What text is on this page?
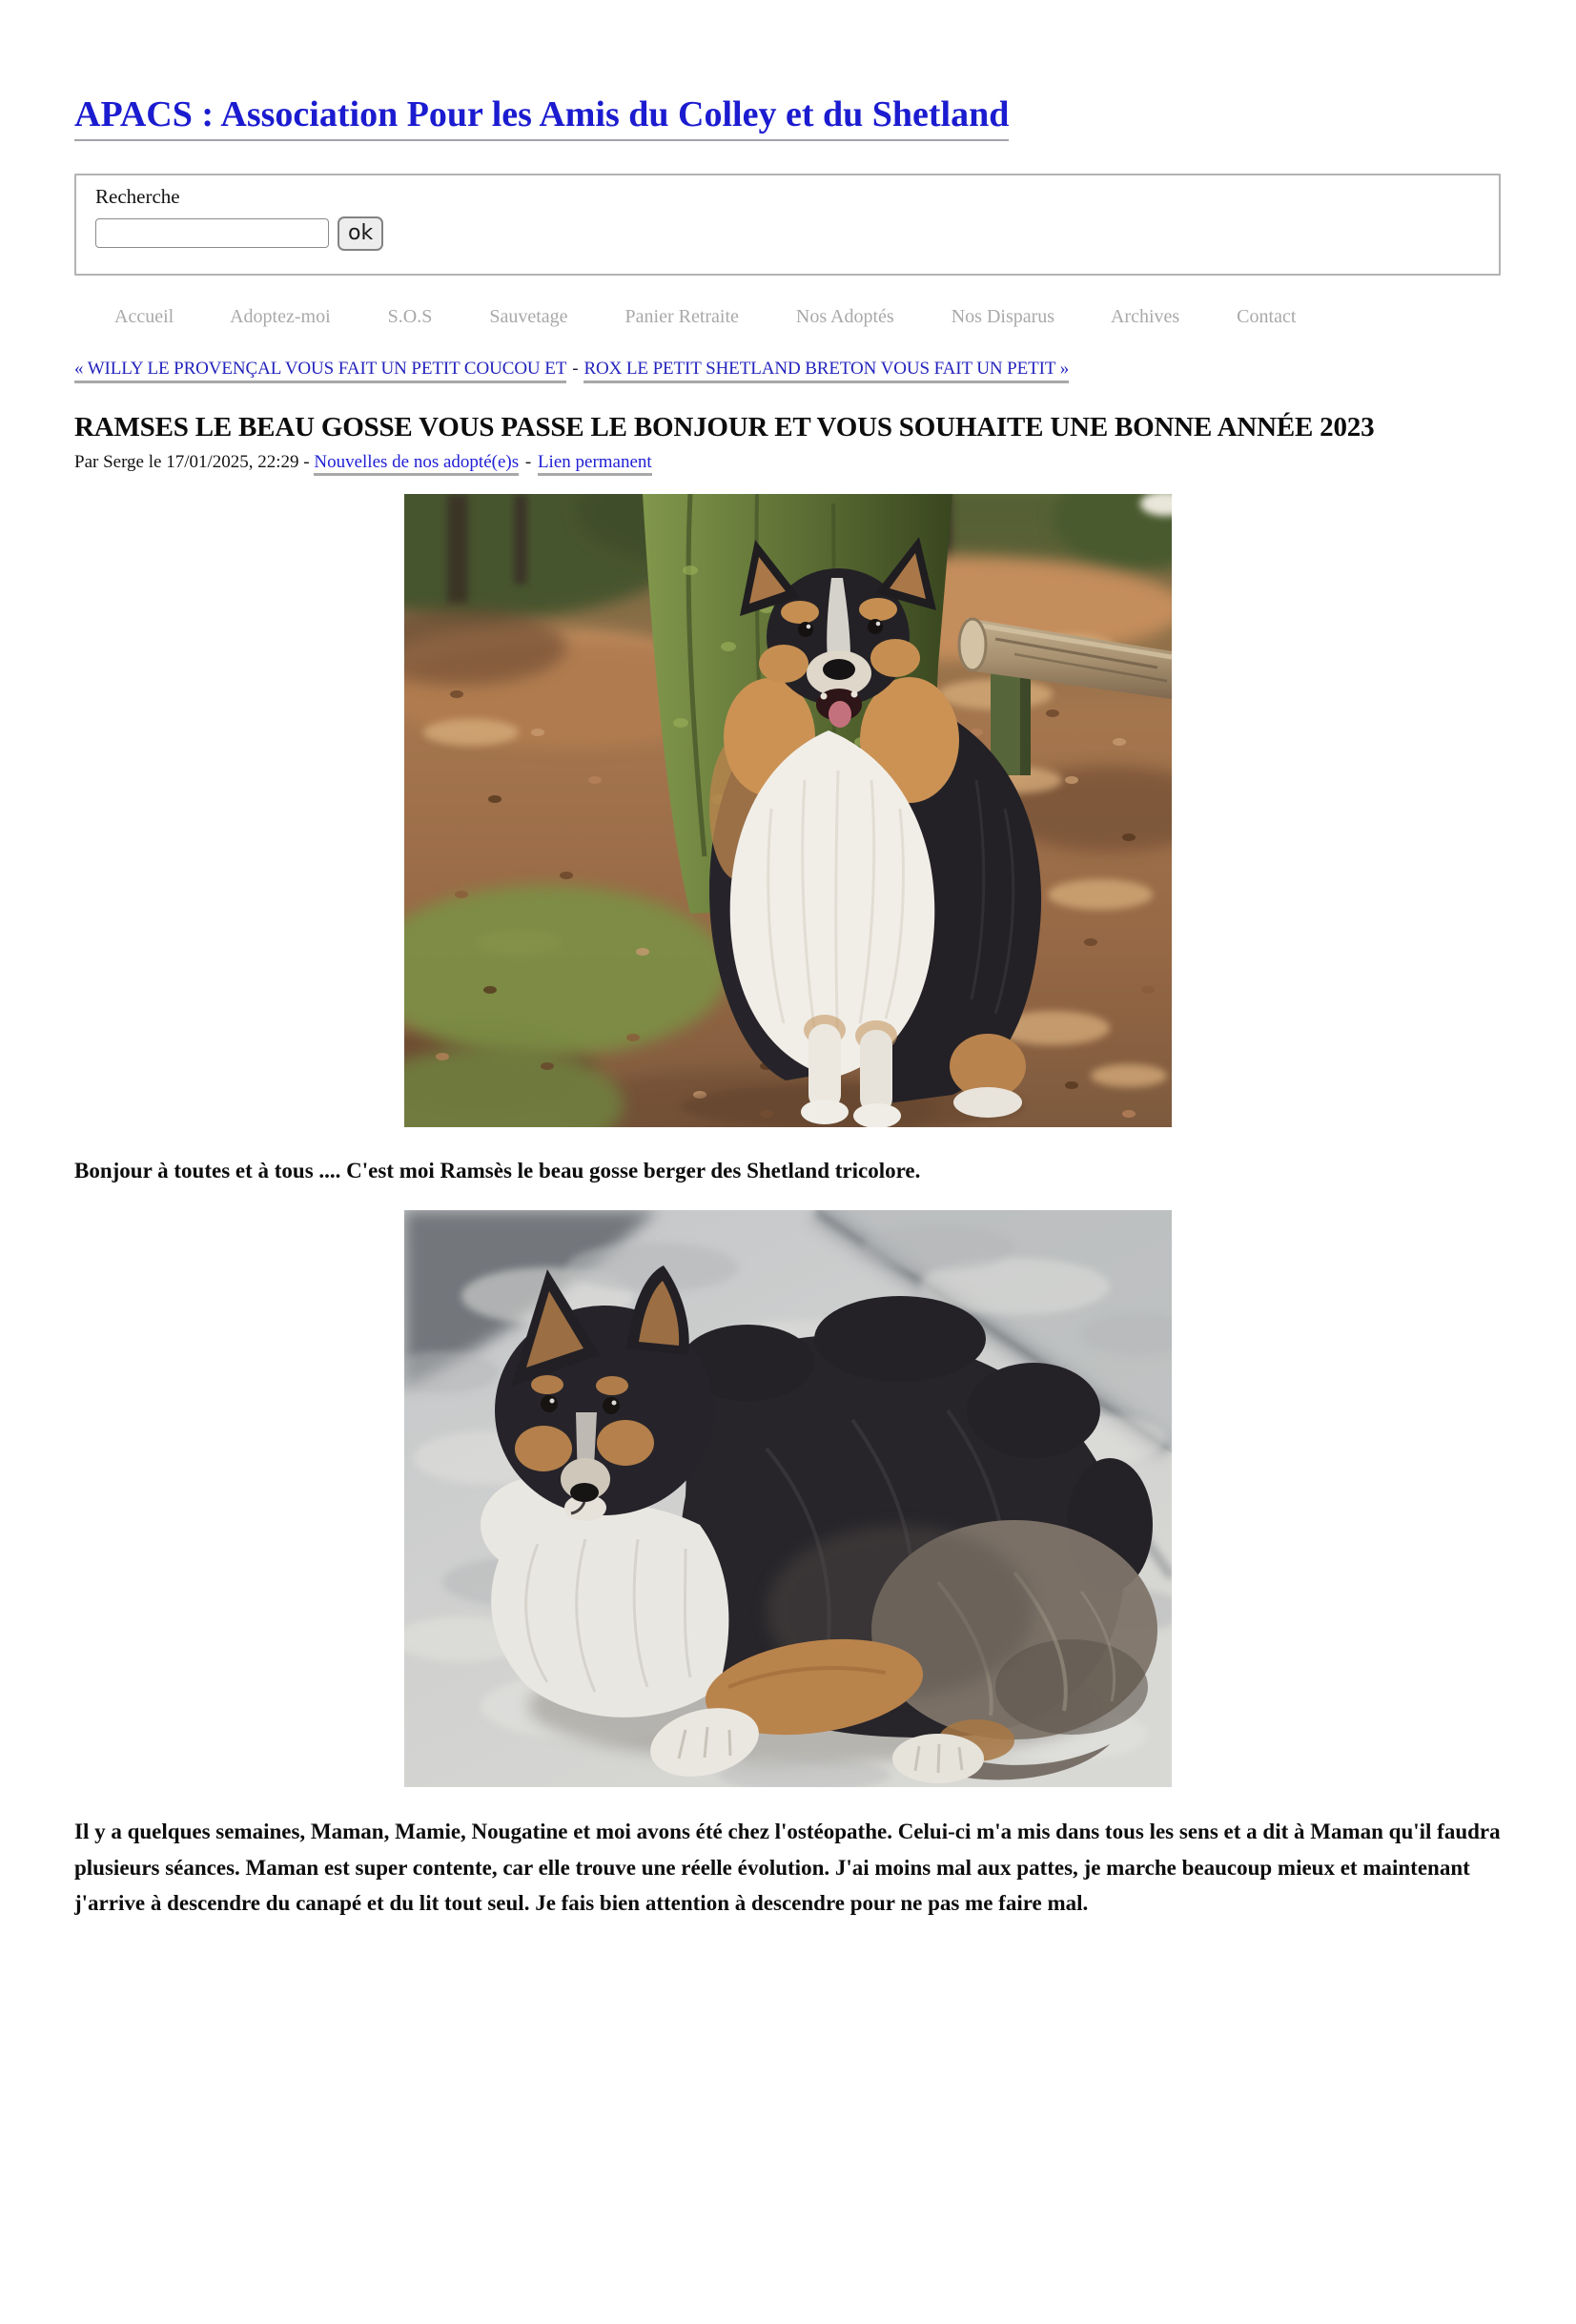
APACS : Association Pour les Amis du Colley et du Shetland
Recherche
ok
Accueil	Adoptez-moi	S.O.S	Sauvetage	Panier Retraite	Nos Adoptés	Nos Disparus	Archives	Contact
« WILLY LE PROVENÇAL VOUS FAIT UN PETIT COUCOU ET - ROX LE PETIT SHETLAND BRETON VOUS FAIT UN PETIT »
RAMSES LE BEAU GOSSE VOUS PASSE LE BONJOUR ET VOUS SOUHAITE UNE BONNE ANNÉE 2023
Par Serge le 17/01/2025, 22:29 - Nouvelles de nos adopté(e)s - Lien permanent

Bonjour à toutes et à tous .... C'est moi Ramsès le beau gosse berger des Shetland tricolore.

Il y a quelques semaines, Maman, Mamie, Nougatine et moi avons été chez l'ostéopathe. Celui-ci m'a mis dans tous les sens et a dit à Maman qu'il faudra plusieurs séances. Maman est super contente, car elle trouve une réelle évolution. J'ai moins mal aux pattes, je marche beaucoup mieux et maintenant j'arrive à descendre du canapé et du lit tout seul. Je fais bien attention à descendre pour ne pas me faire mal.
